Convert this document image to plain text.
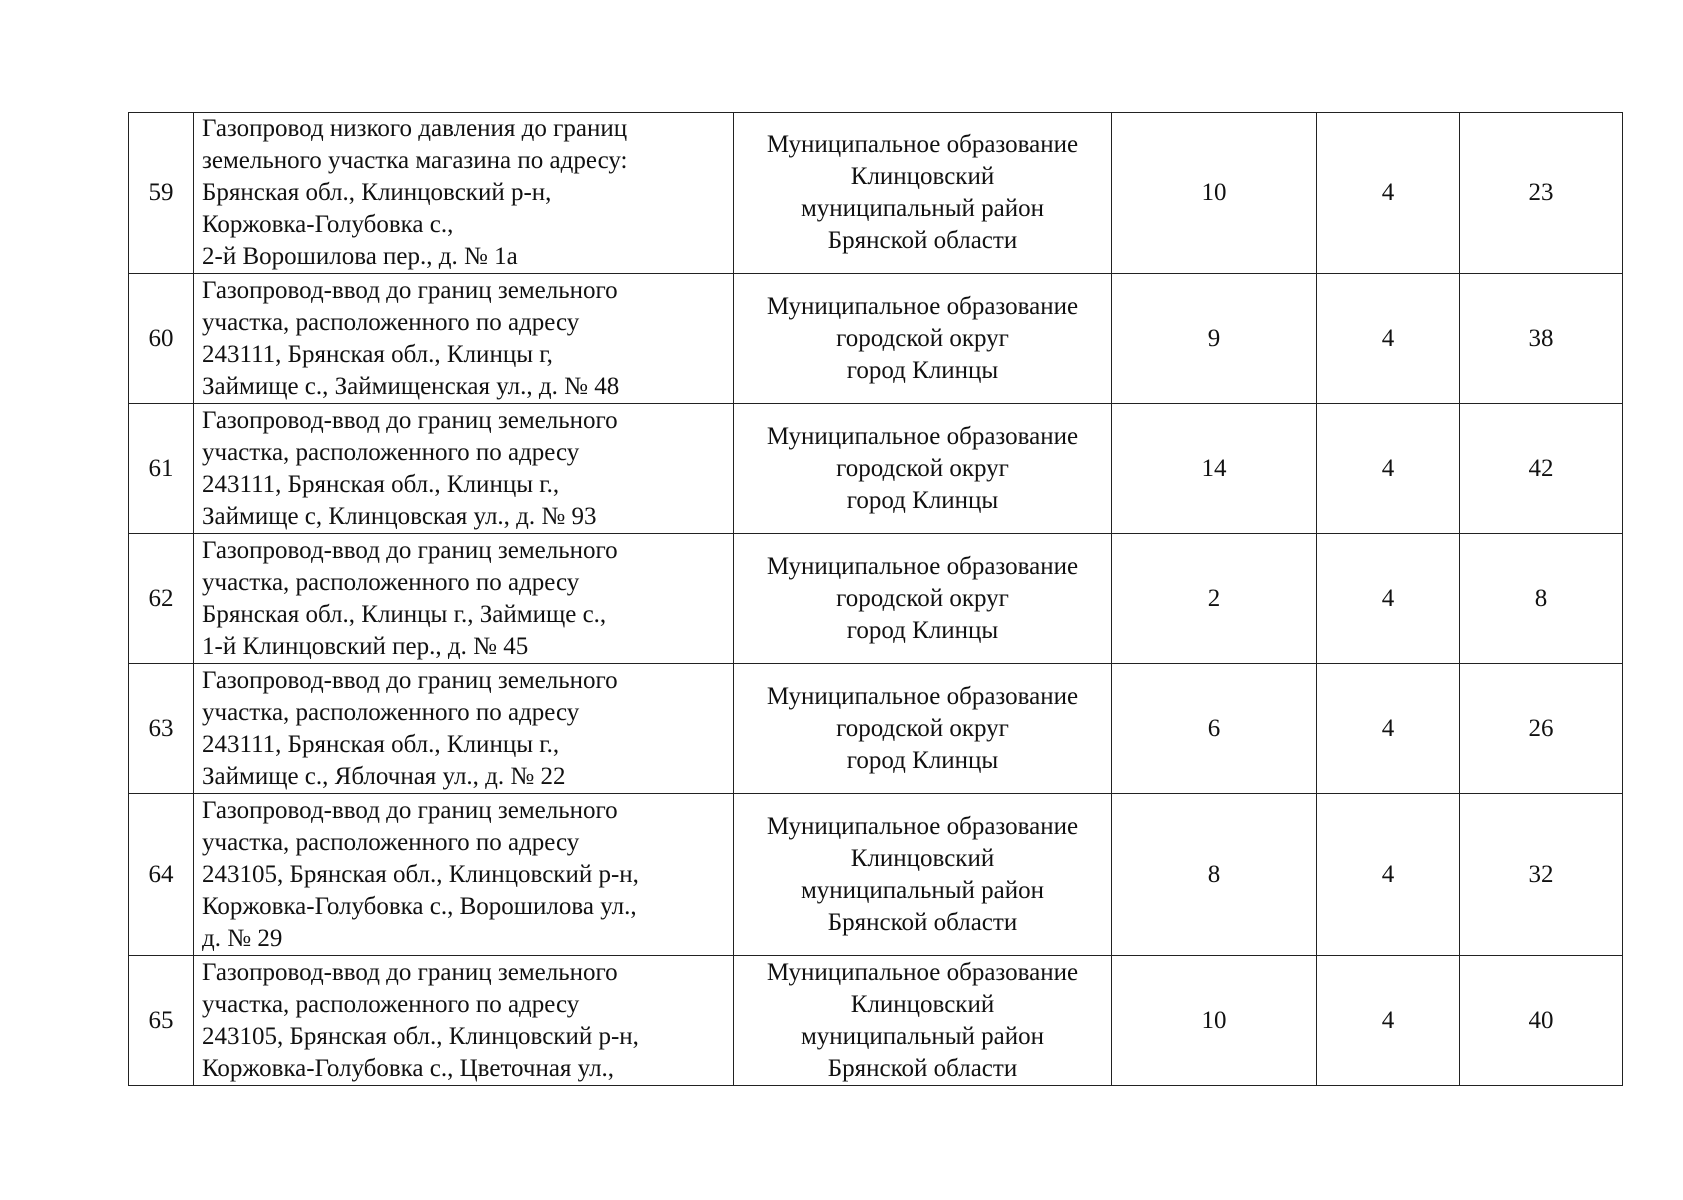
59	Газопровод низкого давления до границ
земельного участка магазина по адресу:
Брянская обл., Клинцовский р-н,
Коржовка-Голубовка с.,
2-й Ворошилова пер., д. № 1а	Муниципальное образование
Клинцовский
муниципальный район
Брянской области	10	4	23
60	Газопровод-ввод до границ земельного
участка, расположенного по адресу
243111, Брянская обл., Клинцы г,
Займище с., Займищенская ул., д. № 48	Муниципальное образование
городской округ
город Клинцы	9	4	38
61	Газопровод-ввод до границ земельного
участка, расположенного по адресу
243111, Брянская обл., Клинцы г.,
Займище с, Клинцовская ул., д. № 93	Муниципальное образование
городской округ
город Клинцы	14	4	42
62	Газопровод-ввод до границ земельного
участка, расположенного по адресу
Брянская обл., Клинцы г., Займище с.,
1-й Клинцовский пер., д. № 45	Муниципальное образование
городской округ
город Клинцы	2	4	8
63	Газопровод-ввод до границ земельного
участка, расположенного по адресу
243111, Брянская обл., Клинцы г.,
Займище с., Яблочная ул., д. № 22	Муниципальное образование
городской округ
город Клинцы	6	4	26
64	Газопровод-ввод до границ земельного
участка, расположенного по адресу
243105, Брянская обл., Клинцовский р-н,
Коржовка-Голубовка с., Ворошилова ул.,
д. № 29	Муниципальное образование
Клинцовский
муниципальный район
Брянской области	8	4	32
65	Газопровод-ввод до границ земельного
участка, расположенного по адресу
243105, Брянская обл., Клинцовский р-н,
Коржовка-Голубовка с., Цветочная ул.,	Муниципальное образование
Клинцовский
муниципальный район
Брянской области	10	4	40
